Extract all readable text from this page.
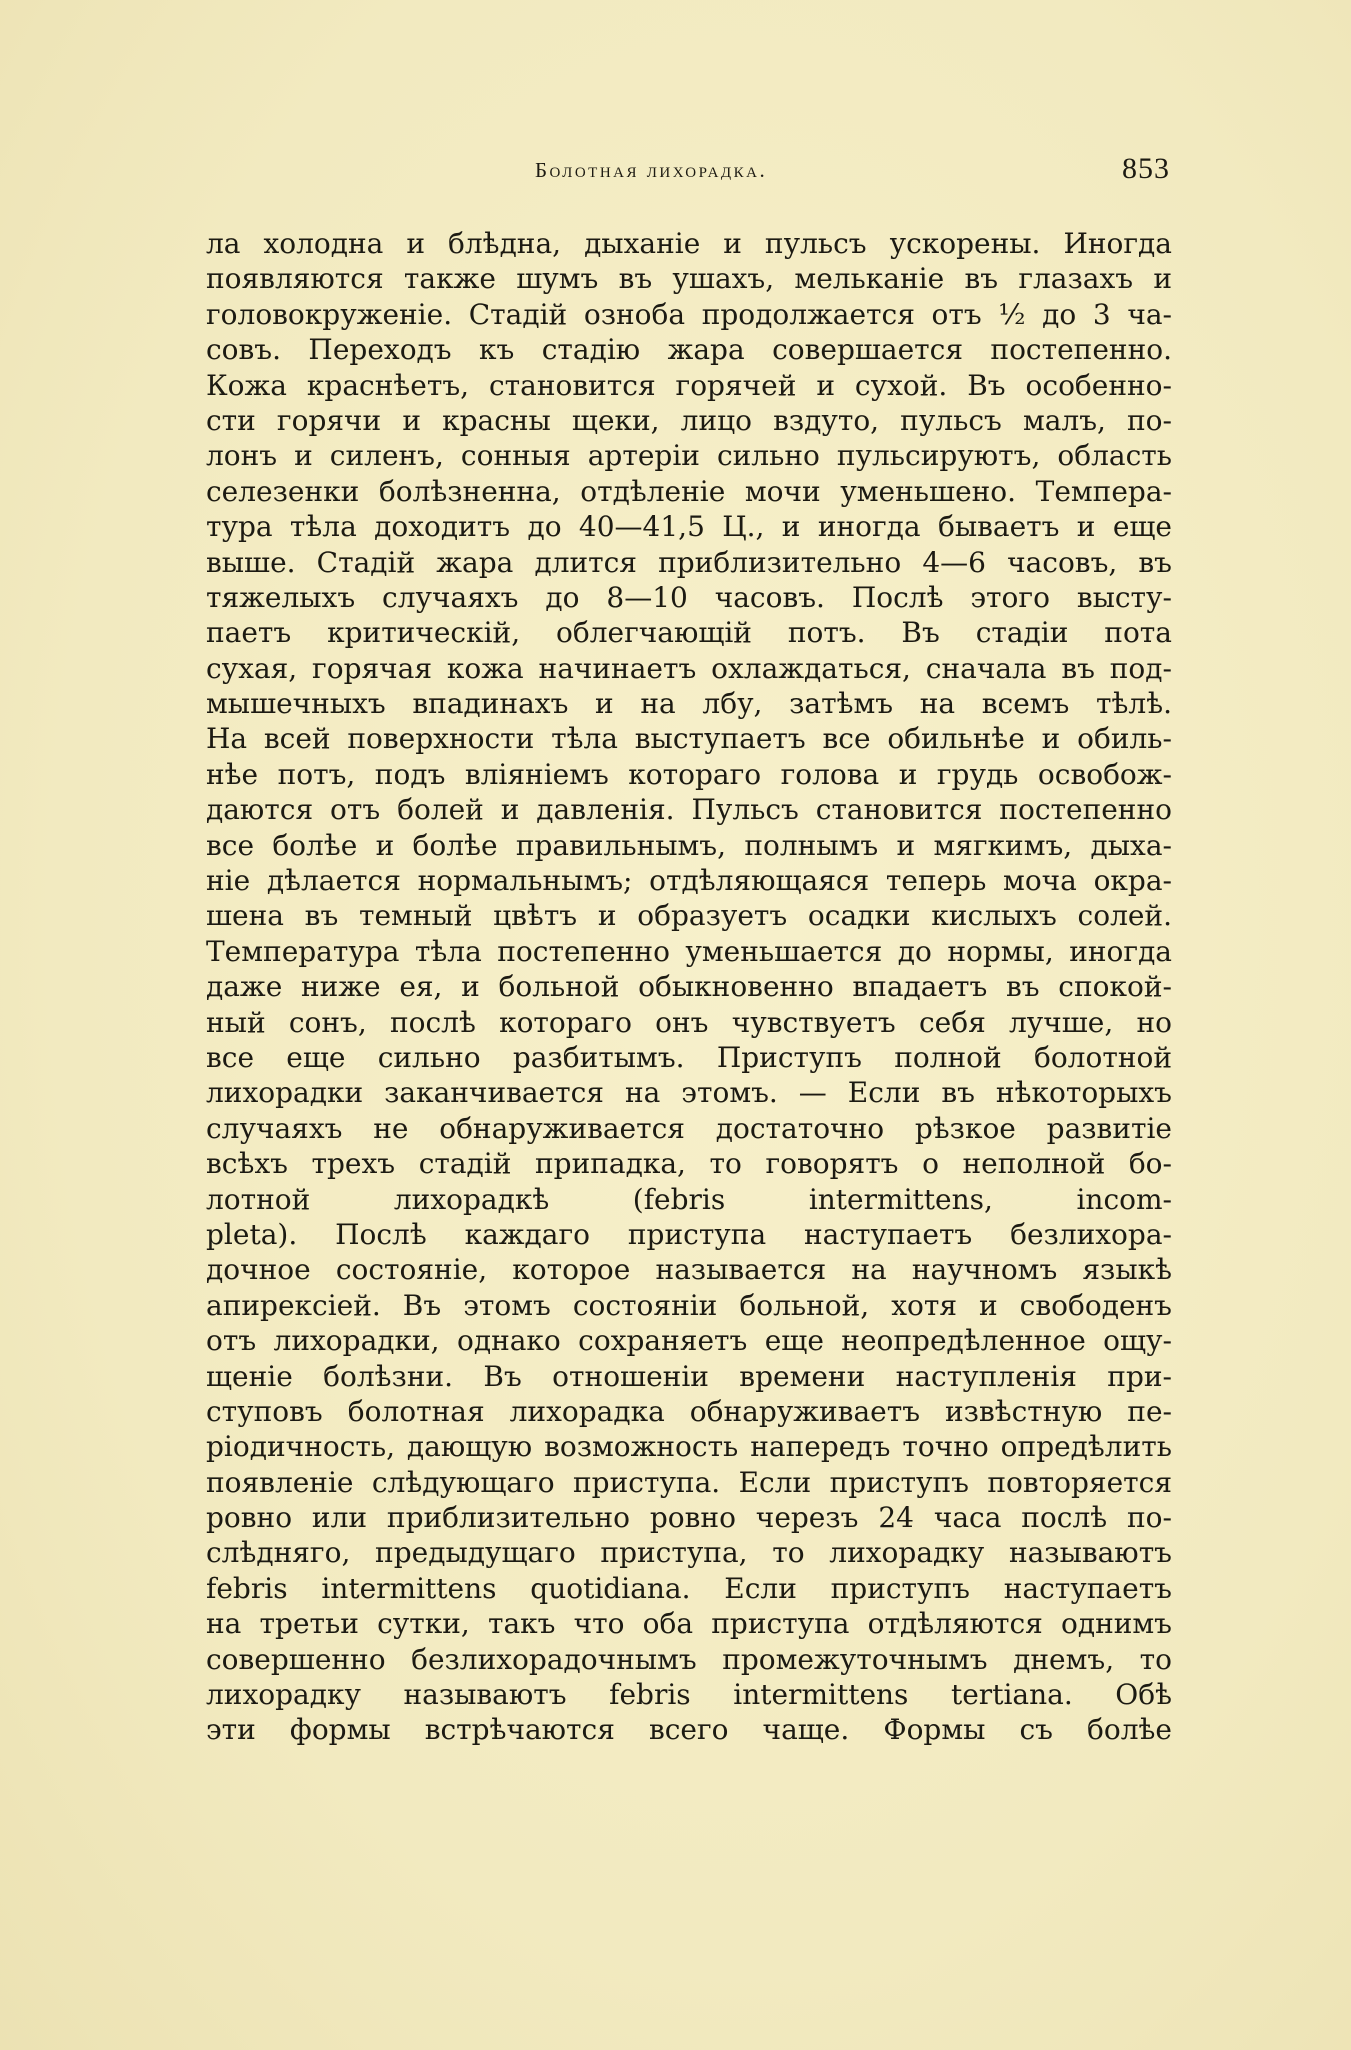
Болотная лихорадка.	853
ла холодна и блѣдна, дыханіе и пульсъ ускорены. Иногда
появляются также шумъ въ ушахъ, мельканіе въ глазахъ и
головокруженіе. Стадій озноба продолжается отъ ½ до 3 ча-
совъ. Переходъ къ стадію жара совершается постепенно.
Кожа краснѣетъ, становится горячей и сухой. Въ особенно-
сти горячи и красны щеки, лицо вздуто, пульсъ малъ, по-
лонъ и силенъ, сонныя артеріи сильно пульсируютъ, область
селезенки болѣзненна, отдѣленіе мочи уменьшено. Темпера-
тура тѣла доходитъ до 40—41,5 Ц., и иногда бываетъ и еще
выше. Стадій жара длится приблизительно 4—6 часовъ, въ
тяжелыхъ случаяхъ до 8—10 часовъ. Послѣ этого высту-
паетъ критическій, облегчающій потъ. Въ стадіи пота
сухая, горячая кожа начинаетъ охлаждаться, сначала въ под-
мышечныхъ впадинахъ и на лбу, затѣмъ на всемъ тѣлѣ.
На всей поверхности тѣла выступаетъ все обильнѣе и обиль-
нѣе потъ, подъ вліяніемъ котораго голова и грудь освобож-
даются отъ болей и давленія. Пульсъ становится постепенно
все болѣе и болѣе правильнымъ, полнымъ и мягкимъ, дыха-
ніе дѣлается нормальнымъ; отдѣляющаяся теперь моча окра-
шена въ темный цвѣтъ и образуетъ осадки кислыхъ солей.
Температура тѣла постепенно уменьшается до нормы, иногда
даже ниже ея, и больной обыкновенно впадаетъ въ спокой-
ный сонъ, послѣ котораго онъ чувствуетъ себя лучше, но
все еще сильно разбитымъ. Приступъ полной болотной
лихорадки заканчивается на этомъ. — Если въ нѣкоторыхъ
случаяхъ не обнаруживается достаточно рѣзкое развитіе
всѣхъ трехъ стадій припадка, то говорятъ о неполной бо-
лотной лихорадкѣ (febris intermittens, incom-
pleta). Послѣ каждаго приступа наступаетъ безлихора-
дочное состояніе, которое называется на научномъ языкѣ
апирексіей. Въ этомъ состояніи больной, хотя и свободенъ
отъ лихорадки, однако сохраняетъ еще неопредѣленное ощу-
щеніе болѣзни. Въ отношеніи времени наступленія при-
ступовъ болотная лихорадка обнаруживаетъ извѣстную пе-
ріодичность, дающую возможность напередъ точно опредѣлить
появленіе слѣдующаго приступа. Если приступъ повторяется
ровно или приблизительно ровно черезъ 24 часа послѣ по-
слѣдняго, предыдущаго приступа, то лихорадку называютъ
febris intermittens quotidiana. Если приступъ наступаетъ
на третьи сутки, такъ что оба приступа отдѣляются однимъ
совершенно безлихорадочнымъ промежуточнымъ днемъ, то
лихорадку называютъ febris intermittens tertiana. Обѣ
эти формы встрѣчаются всего чаще. Формы съ болѣе
